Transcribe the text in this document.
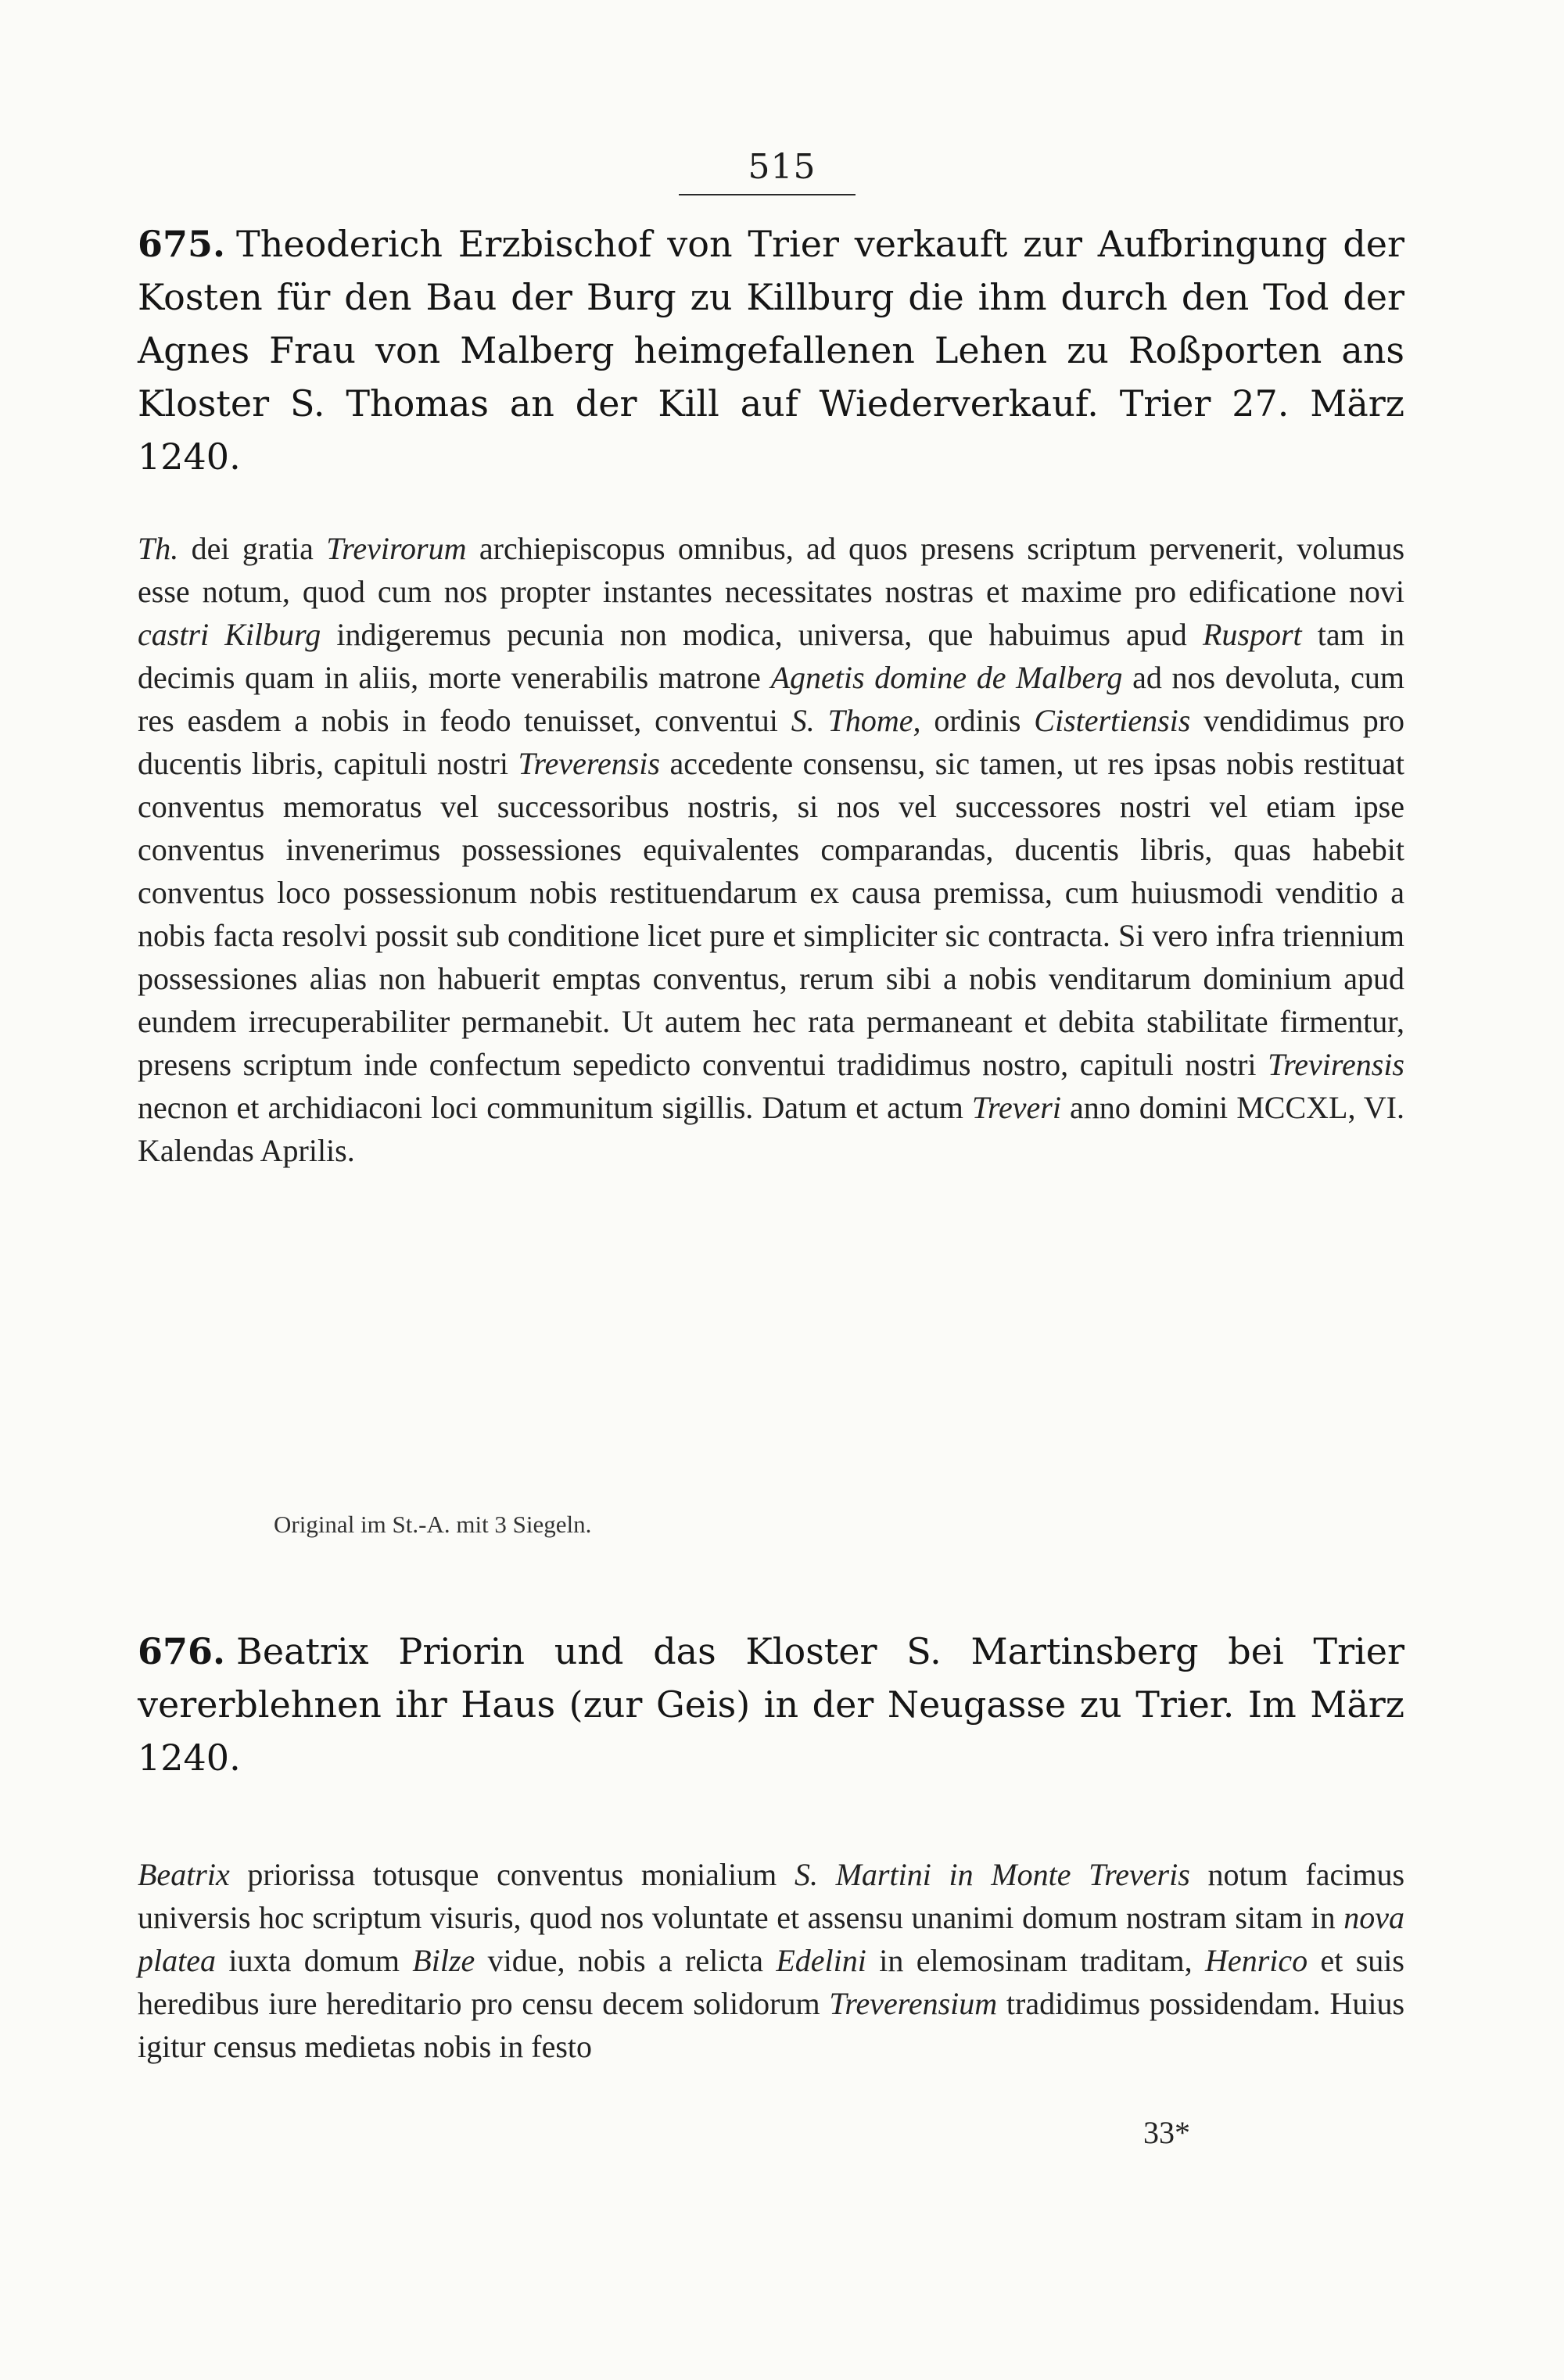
515
675. Theoderich Erzbischof von Trier verkauft zur Aufbringung der Kosten für den Bau der Burg zu Killburg die ihm durch den Tod der Agnes Frau von Malberg heimgefallenen Lehen zu Roßporten ans Kloster S. Thomas an der Kill auf Wiederverkauf. Trier 27. März 1240.

Th. dei gratia Trevirorum archiepiscopus omnibus, ad quos presens scriptum pervenerit, volumus esse notum, quod cum nos propter instantes necessitates nostras et maxime pro edificatione novi castri Kilburg indigeremus pecunia non modica, universa, que habuimus apud Rusport tam in decimis quam in aliis, morte venerabilis matrone Agnetis domine de Malberg ad nos devoluta, cum res easdem a nobis in feodo tenuisset, conventui S. Thome, ordinis Cistertiensis vendidimus pro ducentis libris, capituli nostri Treverensis accedente consensu, sic tamen, ut res ipsas nobis restituat conventus memoratus vel successoribus nostris, si nos vel successores nostri vel etiam ipse conventus invenerimus possessiones equivalentes comparandas, ducentis libris, quas habebit conventus loco possessionum nobis restituendarum ex causa premissa, cum huiusmodi venditio a nobis facta resolvi possit sub conditione licet pure et simpliciter sic contracta. Si vero infra triennium possessiones alias non habuerit emptas conventus, rerum sibi a nobis venditarum dominium apud eundem irrecuperabiliter permanebit. Ut autem hec rata permaneant et debita stabilitate firmentur, presens scriptum inde confectum sepedicto conventui tradidimus nostro, capituli nostri Trevirensis necnon et archidiaconi loci communitum sigillis. Datum et actum Treveri anno domini MCCXL, VI. Kalendas Aprilis.

Original im St.-A. mit 3 Siegeln.
676. Beatrix Priorin und das Kloster S. Martinsberg bei Trier vererblehnen ihr Haus (zur Geis) in der Neugasse zu Trier. Im März 1240.

Beatrix priorissa totusque conventus monialium S. Martini in Monte Treveris notum facimus universis hoc scriptum visuris, quod nos voluntate et assensu unanimi domum nostram sitam in nova platea iuxta domum Bilze vidue, nobis a relicta Edelini in elemosinam traditam, Henrico et suis heredibus iure hereditario pro censu decem solidorum Treverensium tradidimus possidendam. Huius igitur census medietas nobis in festo

33*
